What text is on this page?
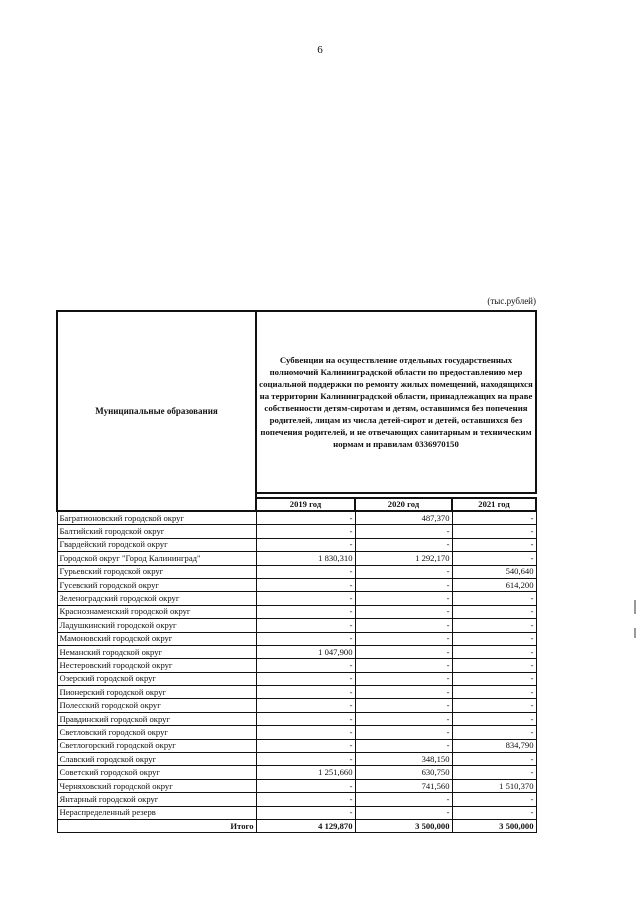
6
(тыс.рублей)
Муниципальные образования	Субвенции на осуществление отдельных государственных полномочий Калининградской области по предоставлению мер социальной поддержки по ремонту жилых помещений, находящихся на территории Калининградской области, принадлежащих на праве собственности детям-сиротам и детям, оставшимся без попечения родителей, лицам из числа детей-сирот и детей, оставшихся без попечения родителей, и не отвечающих санитарным и техническим нормам и правилам 0336970150		

	2019 год	2020 год	2021 год
Багратионовский городской округ	-	487,370	-
Балтийский городской округ	-	-	-
Гвардейский городской округ	-	-	-
Городской округ "Город Калининград"	1 830,310	1 292,170	-
Гурьевский городской округ	-	-	540,640
Гусевский городской округ	-	-	614,200
Зеленоградский городской округ	-	-	-
Краснознаменский городской округ	-	-	-
Ладушкинский городской округ	-	-	-
Мамоновский городской округ	-	-	-
Неманский городской округ	1 047,900	-	-
Нестеровский городской округ	-	-	-
Озерский городской округ	-	-	-
Пионерский городской округ	-	-	-
Полесский городской округ	-	-	-
Правдинский городской округ	-	-	-
Светловский городской округ	-	-	-
Светлогорский городской округ	-	-	834,790
Славский городской округ	-	348,150	-
Советский городской округ	1 251,660	630,750	-
Черняховский городской округ	-	741,560	1 510,370
Янтарный городской округ	-	-	-
Нераспределенный резерв	-	-	-
Итого	4 129,870	3 500,000	3 500,000
